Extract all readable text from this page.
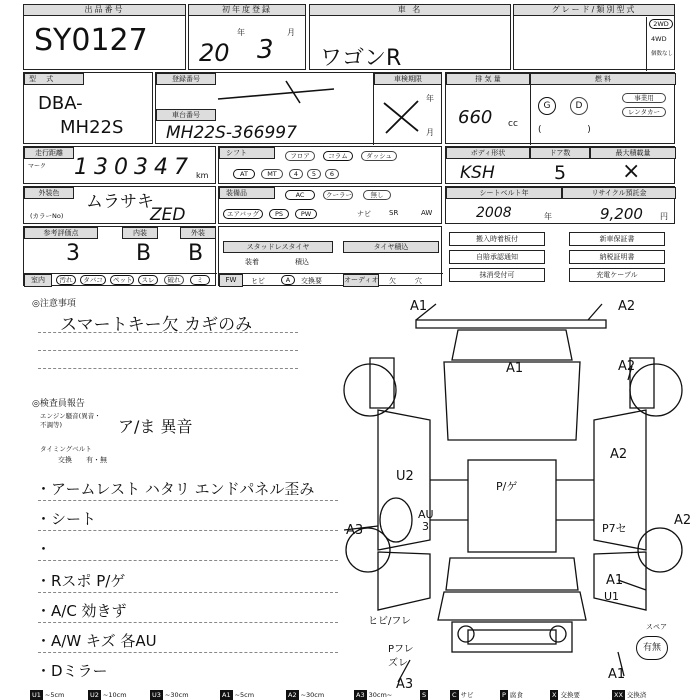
出品番号
SY0127
初年度登録
年	月
20 3
車 名
ワゴンR
グレード/類別型式
2WD
4WD
個数なし
型 式
DBA-
MH22S
登録番号	車検期限
車台番号
MH22S-366997
年
月
排 気 量	燃 料
660 cc
G	D
事業用
レンタカー
(                )
走行距離
マーク 1 3 0 3 4 7	km
シフト	フロア	コラム	ダッシュ
AT	MT	4	5	6
ボディ形状	ドア数	最大積載量
KSH	5	×
外装色	ムラサキ
(カラーNo)	ZED
装備品	AC	クーラー	無し
エアバッグ	PS	PW	ナビ	SR	AW
シートベルト年	リサイクル預託金
2008	年	9,200 円
参考評価点	内装	外装
3	B B
室内	汚れ	タバコ	ペット	スレ	破れ	ミ
スタッドレスタイヤ	タイヤ積込
装着	積込
FW	ヒビ	A	交換要	オーディオ 欠	穴
搬入時着板付
自賠承認通知
抹消受付可
新車保証書
納税証明書
充電ケーブル
◎注意事項
スマートキー欠 カギのみ
◎検査員報告
エンジン騒音(異音・不調等)	ア/ま 異音
タイミングベルト
交換 有・無
・アームレスト ハタリ エンドパネル歪み
・シート
・
・Rスポ P/ゲ
・A/C 効きず
・A/W キズ 各AU
・Dミラー
A1	A2
A1	A2
A2
U2
P/ゲ
AU
3
A3	P7セ
A2
A1
U1
ヒビ/フレ
Pフレ
ズレ
A3
A1
スペア
有無
U1 ~5cm	U2 ~10cm	U3 ~30cm	A1 ~5cm	A2 ~30cm	A3 30cm~	S	C サビ	P 腐食	X 交換要	XX 交換済
